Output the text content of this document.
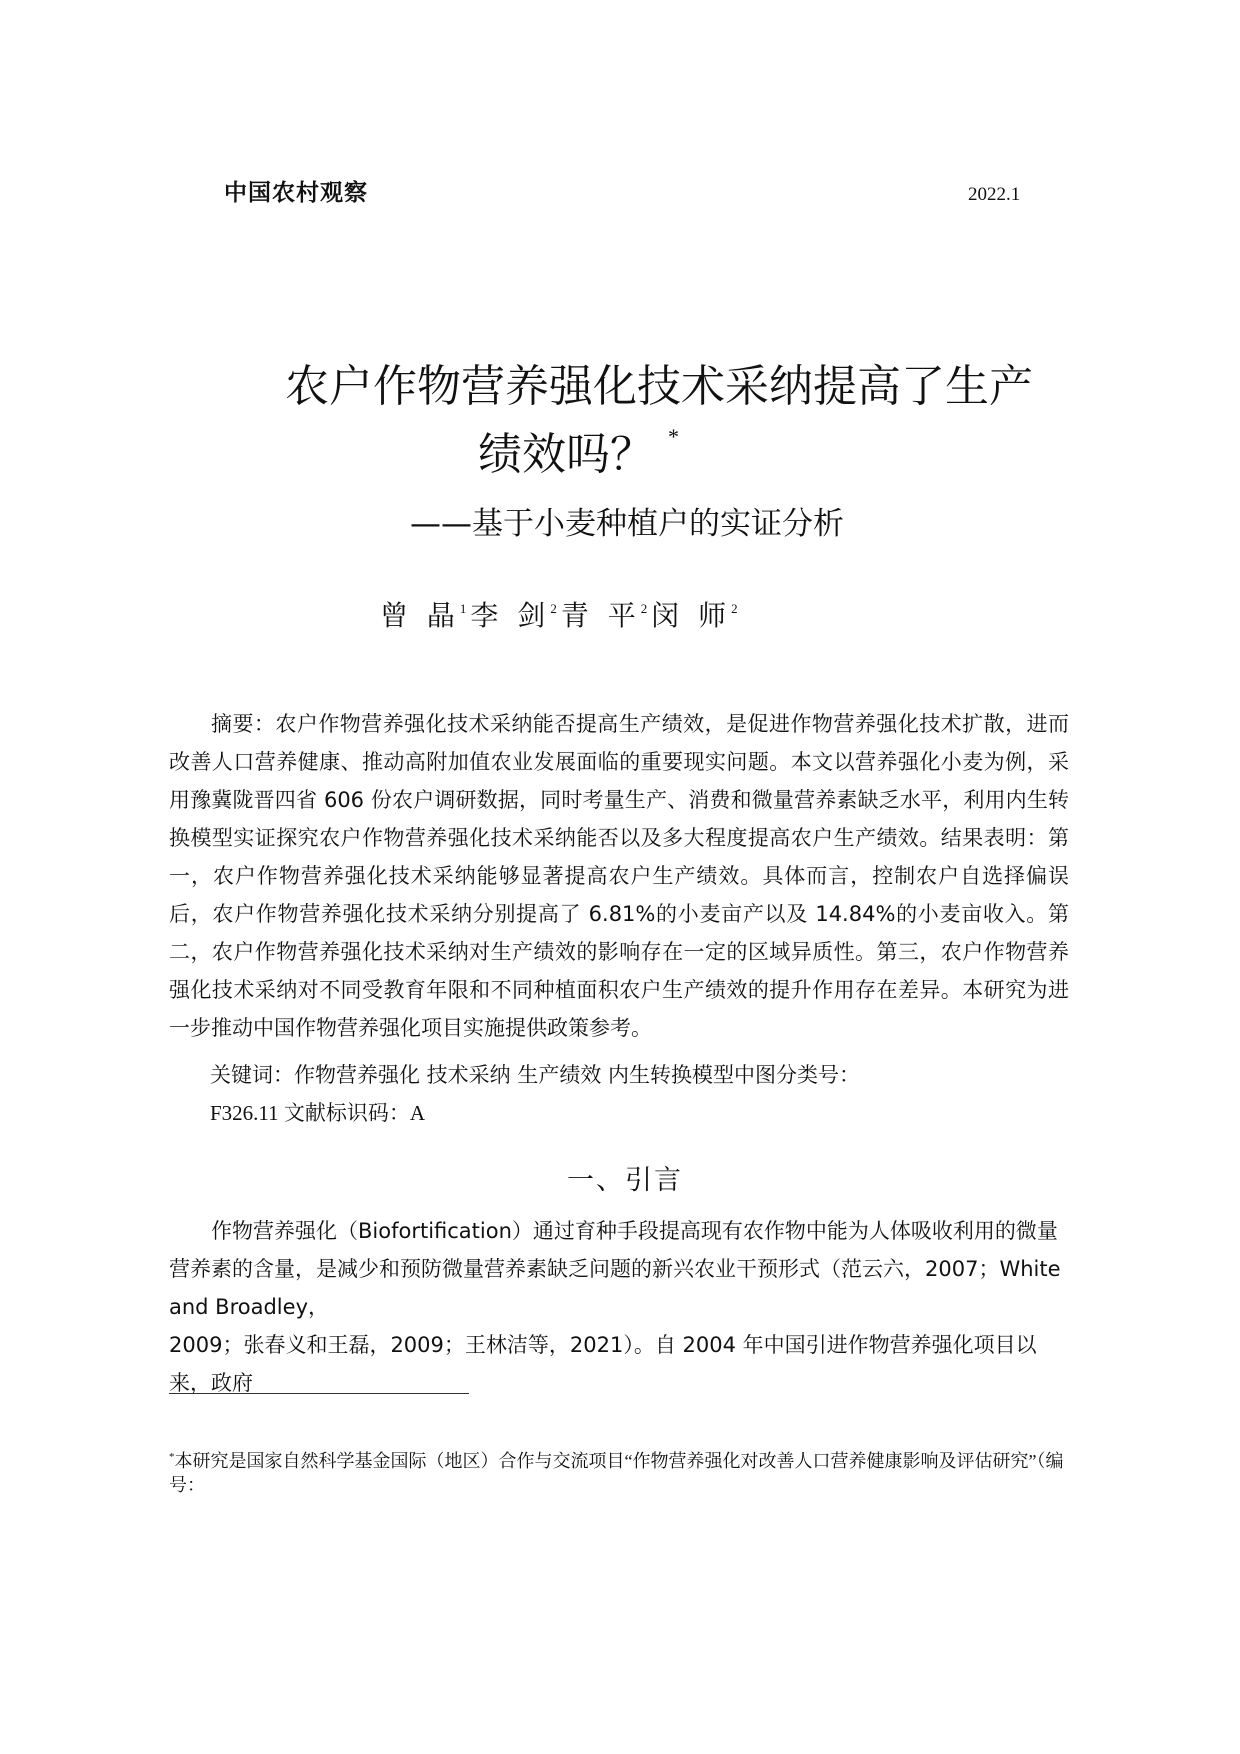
中国农村观察	2022.1
农户作物营养强化技术采纳提高了生产
绩效吗？ *
——基于小麦种植户的实证分析
曾 晶$^1$ 李 剑$^2$ 青 平$^2$ 闵 师$^2$
摘要：农户作物营养强化技术采纳能否提高生产绩效，是促进作物营养强化技术扩散，进而改善人口营养健康、推动高附加值农业发展面临的重要现实问题。本文以营养强化小麦为例，采用豫冀陇晋四省 606 份农户调研数据，同时考量生产、消费和微量营养素缺乏水平，利用内生转换模型实证探究农户作物营养强化技术采纳能否以及多大程度提高农户生产绩效。结果表明：第一，农户作物营养强化技术采纳能够显著提高农户生产绩效。具体而言，控制农户自选择偏误后，农户作物营养强化技术采纳分别提高了 6.81%的小麦亩产以及 14.84%的小麦亩收入。第二，农户作物营养强化技术采纳对生产绩效的影响存在一定的区域异质性。第三，农户作物营养强化技术采纳对不同受教育年限和不同种植面积农户生产绩效的提升作用存在差异。本研究为进一步推动中国作物营养强化项目实施提供政策参考。
关键词：作物营养强化 技术采纳 生产绩效 内生转换模型中图分类号：
F326.11 文献标识码：A
一、引言

作物营养强化（Biofortification）通过育种手段提高现有农作物中能为人体吸收利用的微量营养素的含量，是减少和预防微量营养素缺乏问题的新兴农业干预形式（范云六，2007；White and Broadley，

2009；张春义和王磊，2009；王林洁等，2021）。自 2004 年中国引进作物营养强化项目以来，政府

*本研究是国家自然科学基金国际（地区）合作与交流项目“作物营养强化对改善人口营养健康影响及评估研究”（编号：
